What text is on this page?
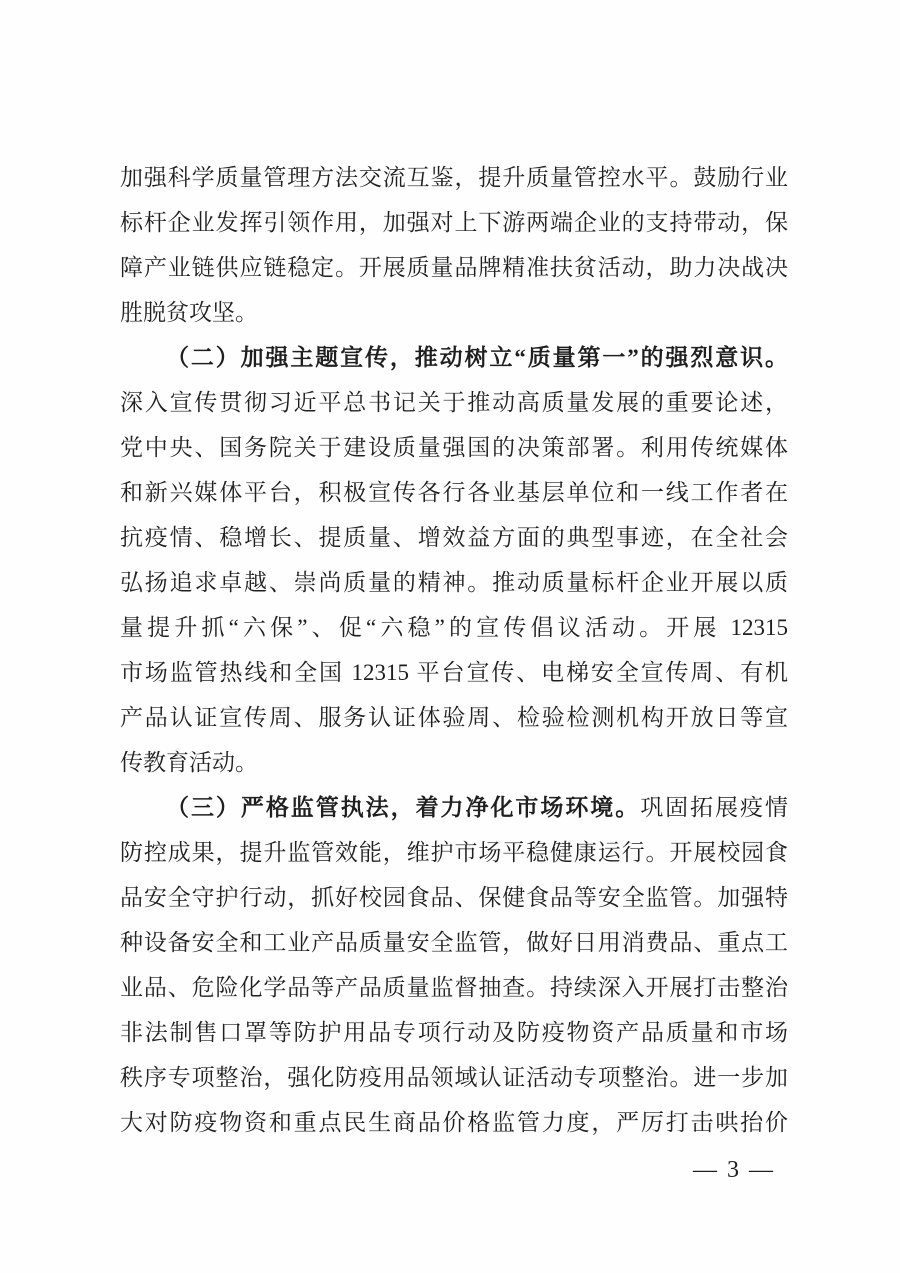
加强科学质量管理方法交流互鉴，提升质量管控水平。鼓励行业
标杆企业发挥引领作用，加强对上下游两端企业的支持带动，保
障产业链供应链稳定。开展质量品牌精准扶贫活动，助力决战决
胜脱贫攻坚。
（二）加强主题宣传，推动树立“质量第一”的强烈意识。
深入宣传贯彻习近平总书记关于推动高质量发展的重要论述，
党中央、国务院关于建设质量强国的决策部署。利用传统媒体
和新兴媒体平台，积极宣传各行各业基层单位和一线工作者在
抗疫情、稳增长、提质量、增效益方面的典型事迹，在全社会
弘扬追求卓越、崇尚质量的精神。推动质量标杆企业开展以质
量提升抓“六保”、促“六稳”的宣传倡议活动。开展 12315
市场监管热线和全国 12315 平台宣传、电梯安全宣传周、有机
产品认证宣传周、服务认证体验周、检验检测机构开放日等宣
传教育活动。
（三）严格监管执法，着力净化市场环境。巩固拓展疫情
防控成果，提升监管效能，维护市场平稳健康运行。开展校园食
品安全守护行动，抓好校园食品、保健食品等安全监管。加强特
种设备安全和工业产品质量安全监管，做好日用消费品、重点工
业品、危险化学品等产品质量监督抽查。持续深入开展打击整治
非法制售口罩等防护用品专项行动及防疫物资产品质量和市场
秩序专项整治，强化防疫用品领域认证活动专项整治。进一步加
大对防疫物资和重点民生商品价格监管力度，严厉打击哄抬价
— 3 —
